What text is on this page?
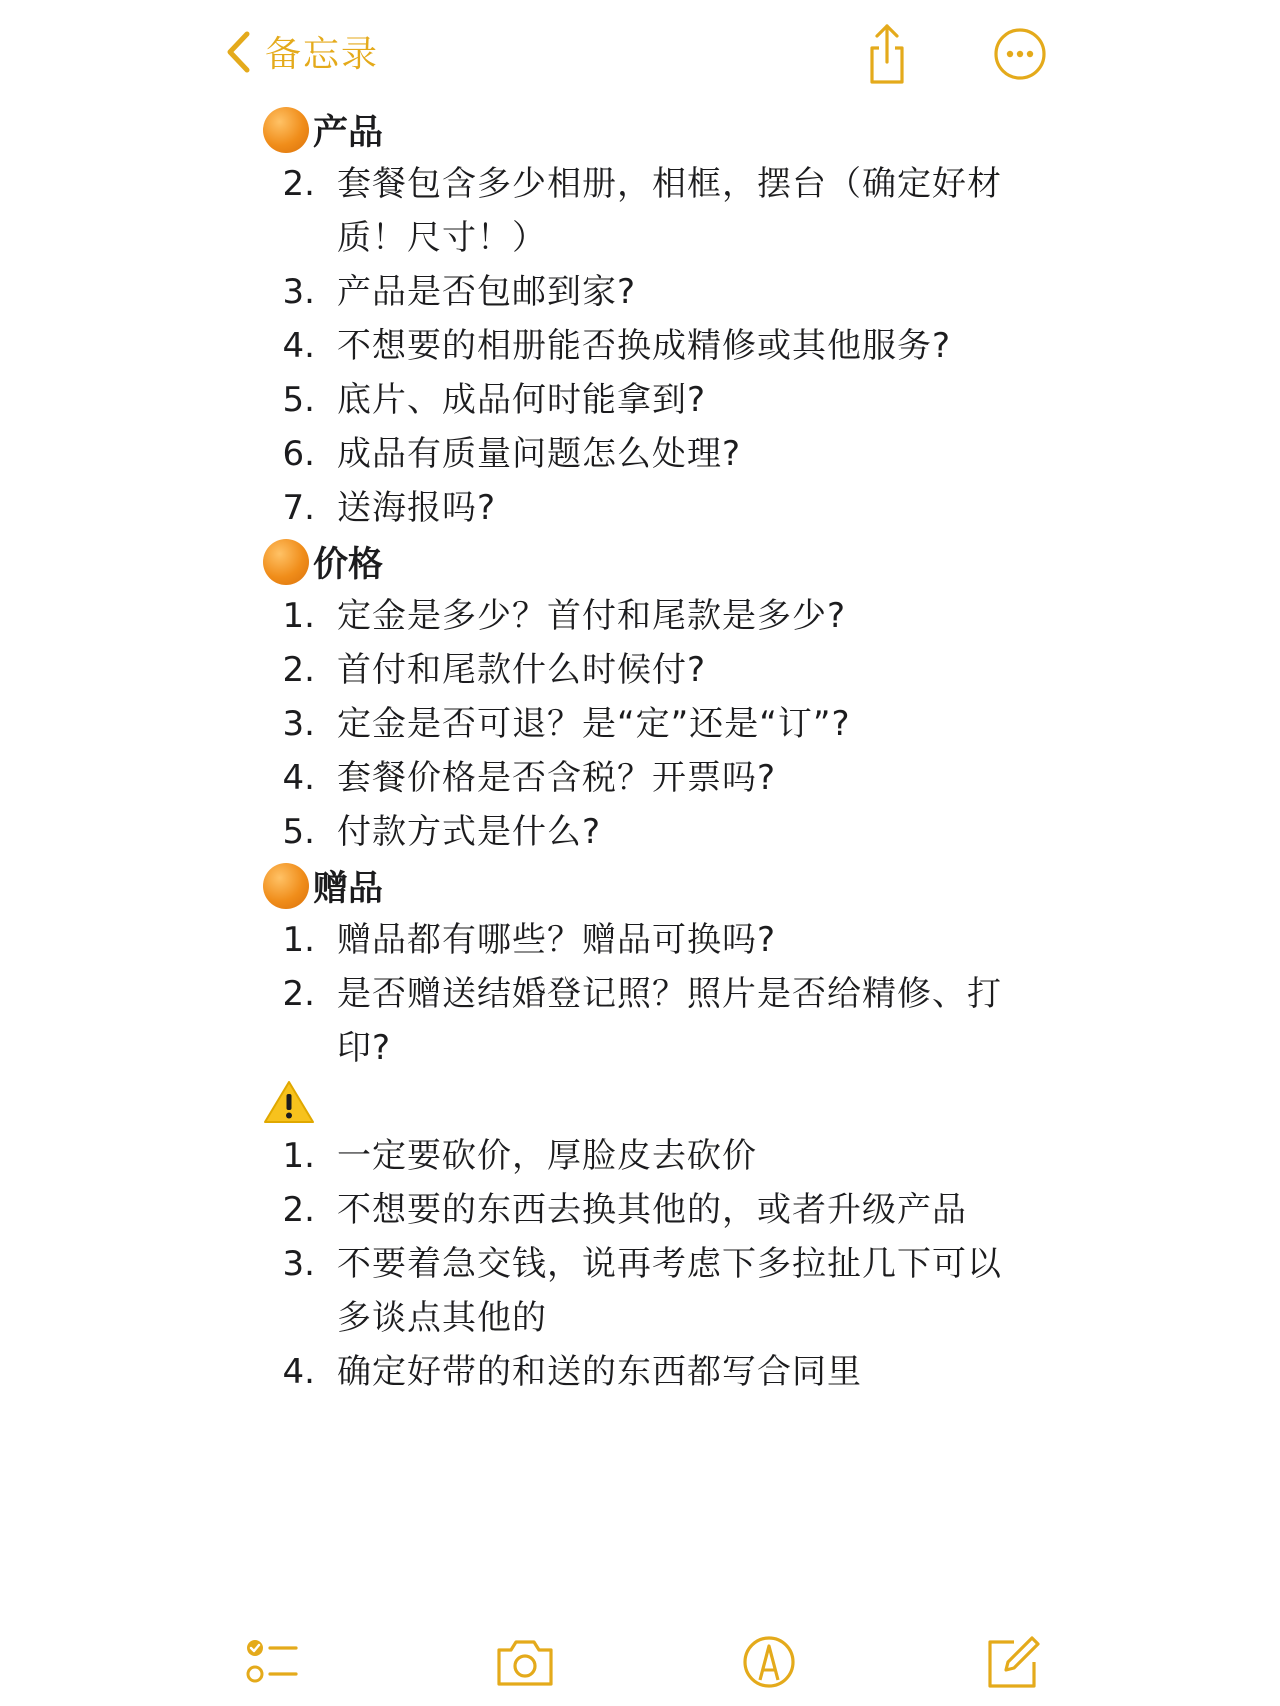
备忘录
产品
2. 套餐包含多少相册，相框，摆台（确定好材质！尺寸！）
3. 产品是否包邮到家?
4. 不想要的相册能否换成精修或其他服务?
5. 底片、成品何时能拿到?
6. 成品有质量问题怎么处理?
7. 送海报吗?
价格
1. 定金是多少？首付和尾款是多少?
2. 首付和尾款什么时候付?
3. 定金是否可退？是“定”还是“订”?
4. 套餐价格是否含税？开票吗?
5. 付款方式是什么?
赠品
1. 赠品都有哪些？赠品可换吗?
2. 是否赠送结婚登记照？照片是否给精修、打印?
1. 一定要砍价，厚脸皮去砍价
2. 不想要的东西去换其他的，或者升级产品
3. 不要着急交钱，说再考虑下多拉扯几下可以多谈点其他的
4. 确定好带的和送的东西都写合同里
